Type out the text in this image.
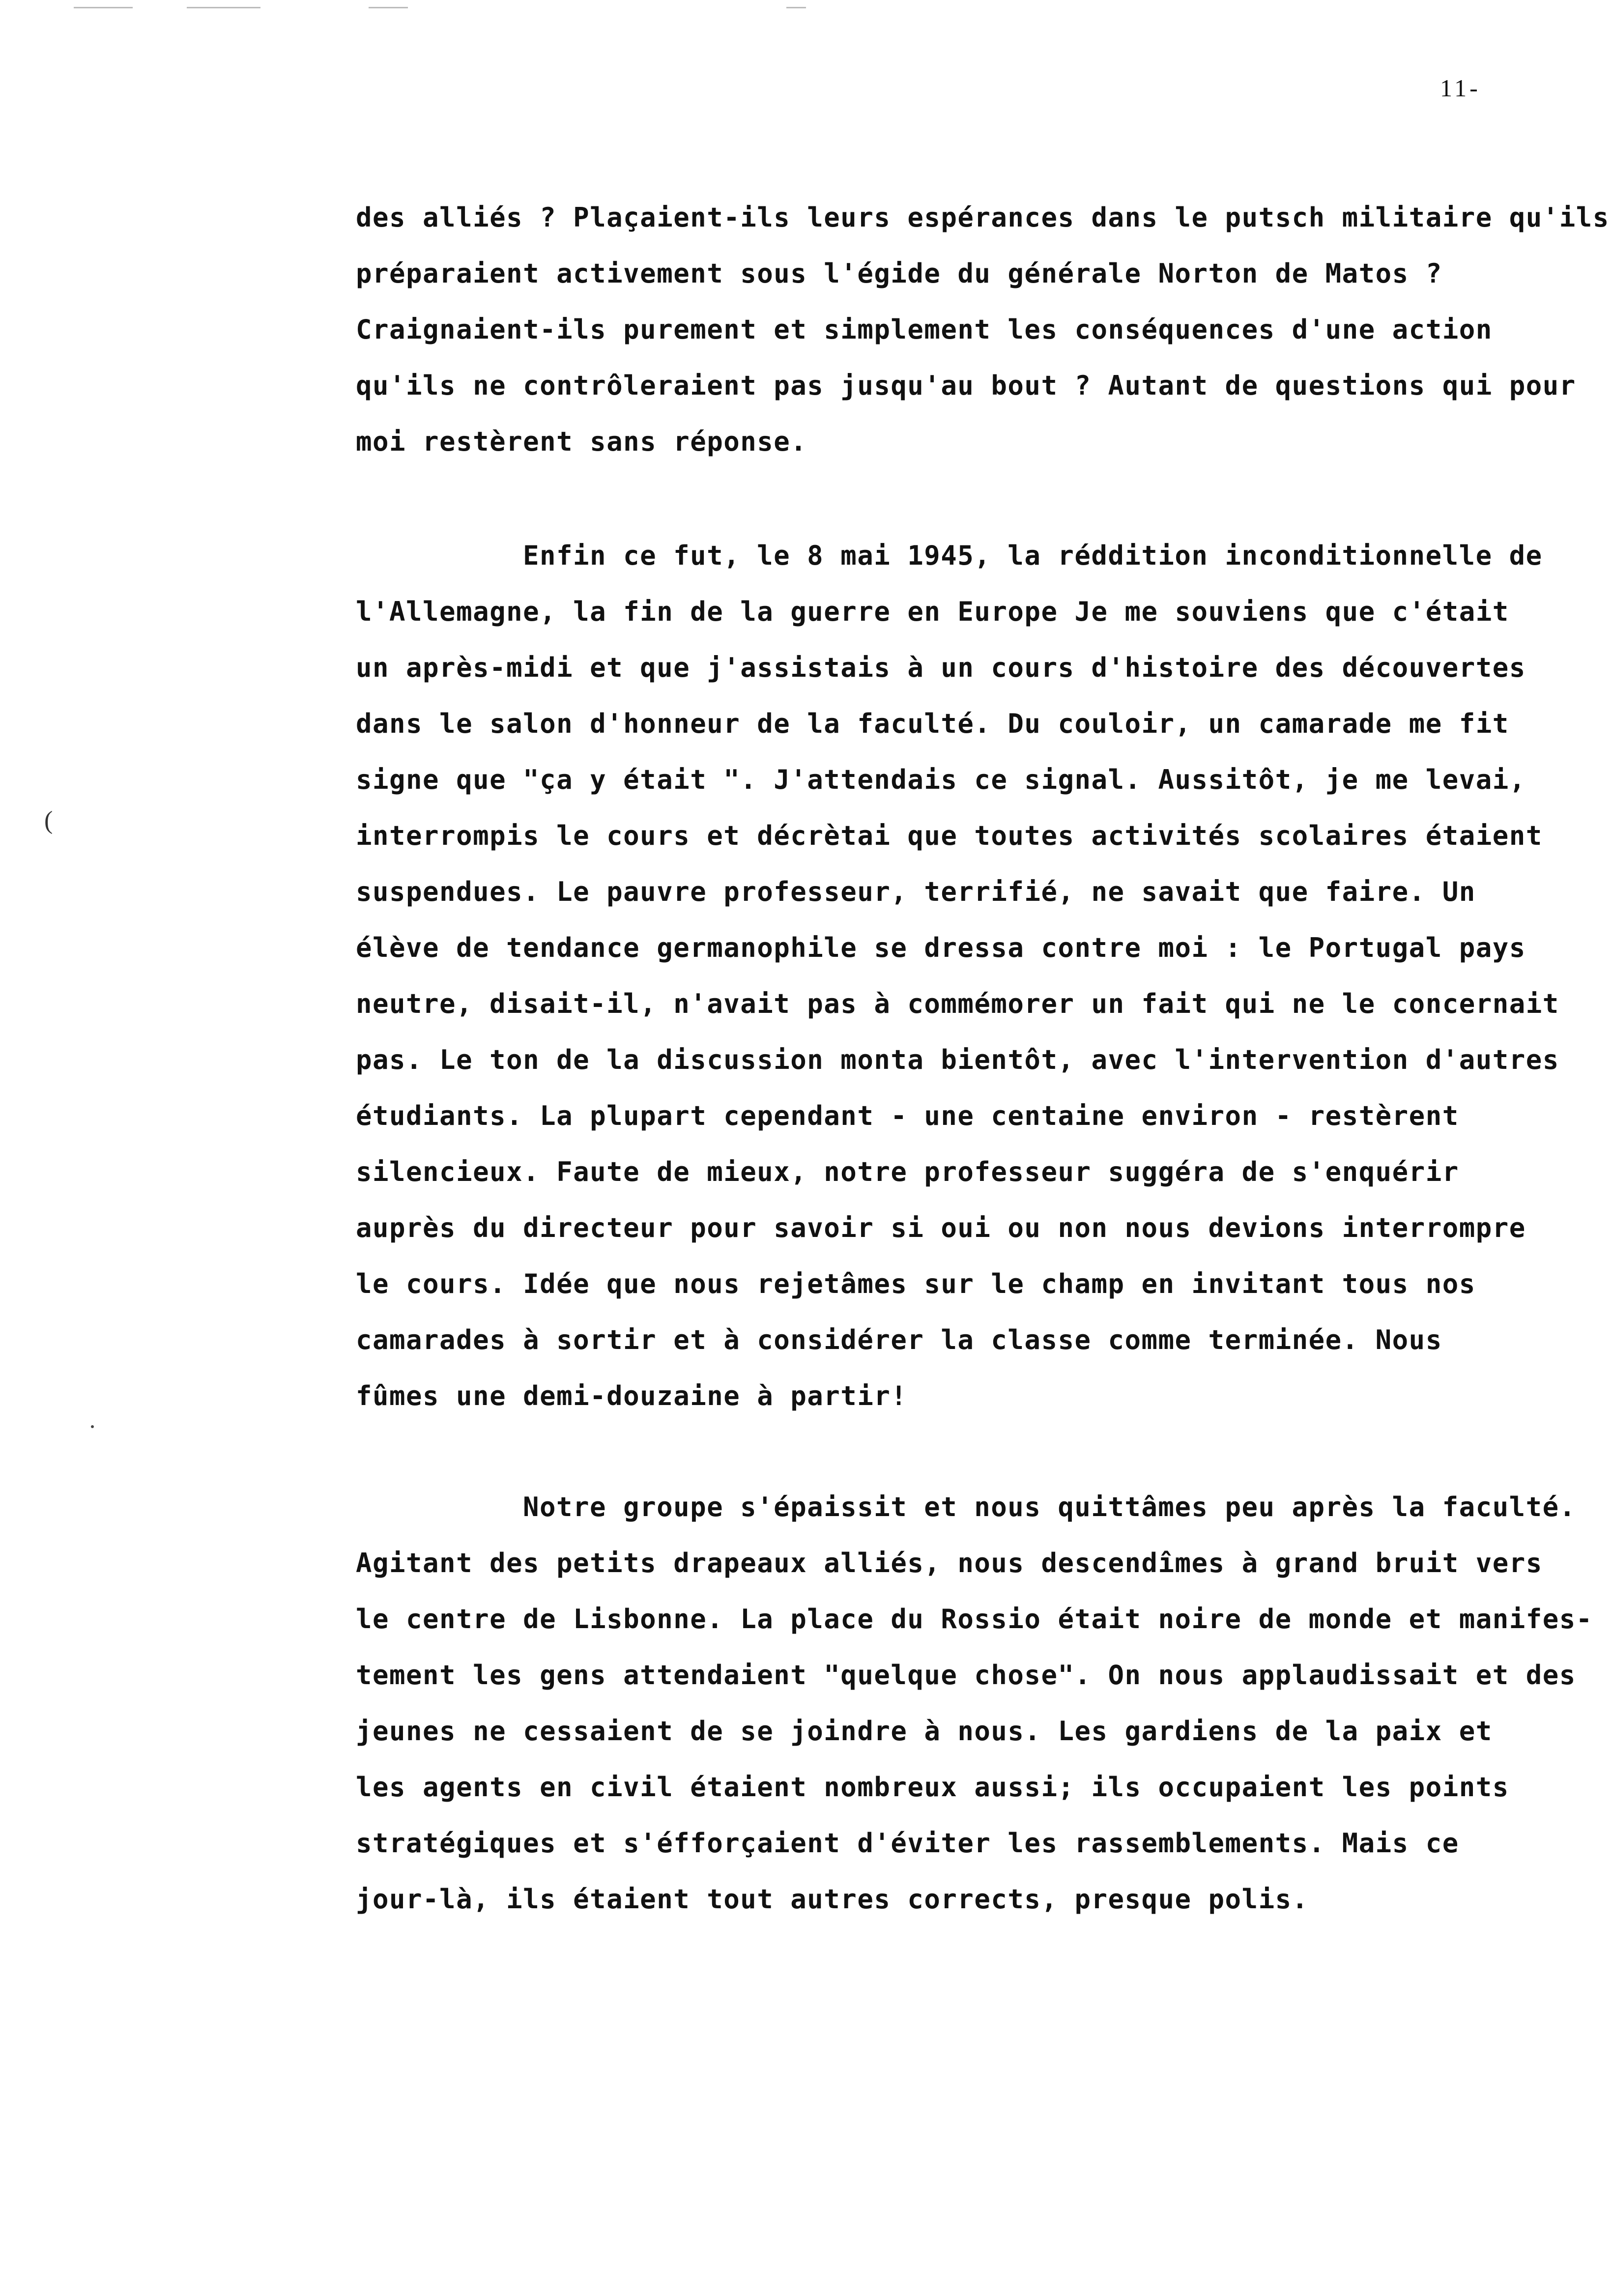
11-
(
des alliés ? Plaçaient-ils leurs espérances dans le putsch militaire qu'ils
préparaient activement sous l'égide du générale Norton de Matos ?
Craignaient-ils purement et simplement les conséquences d'une action
qu'ils ne contrôleraient pas jusqu'au bout ? Autant de questions qui pour
moi restèrent sans réponse.
Enfin ce fut, le 8 mai 1945, la réddition inconditionnelle de
l'Allemagne, la fin de la guerre en Europe Je me souviens que c'était
un après-midi et que j'assistais à un cours d'histoire des découvertes
dans le salon d'honneur de la faculté. Du couloir, un camarade me fit
signe que "ça y était ". J'attendais ce signal. Aussitôt, je me levai,
interrompis le cours et décrètai que toutes activités scolaires étaient
suspendues. Le pauvre professeur, terrifié, ne savait que faire. Un
élève de tendance germanophile se dressa contre moi : le Portugal pays
neutre, disait-il, n'avait pas à commémorer un fait qui ne le concernait
pas. Le ton de la discussion monta bientôt, avec l'intervention d'autres
étudiants. La plupart cependant - une centaine environ - restèrent
silencieux. Faute de mieux, notre professeur suggéra de s'enquérir
auprès du directeur pour savoir si oui ou non nous devions interrompre
le cours. Idée que nous rejetâmes sur le champ en invitant tous nos
camarades à sortir et à considérer la classe comme terminée. Nous
fûmes une demi-douzaine à partir!
Notre groupe s'épaissit et nous quittâmes peu après la faculté.
Agitant des petits drapeaux alliés, nous descendîmes à grand bruit vers
le centre de Lisbonne. La place du Rossio était noire de monde et manifes-
tement les gens attendaient "quelque chose". On nous applaudissait et des
jeunes ne cessaient de se joindre à nous. Les gardiens de la paix et
les agents en civil étaient nombreux aussi; ils occupaient les points
stratégiques et s'éfforçaient d'éviter les rassemblements. Mais ce
jour-là, ils étaient tout autres corrects, presque polis.
